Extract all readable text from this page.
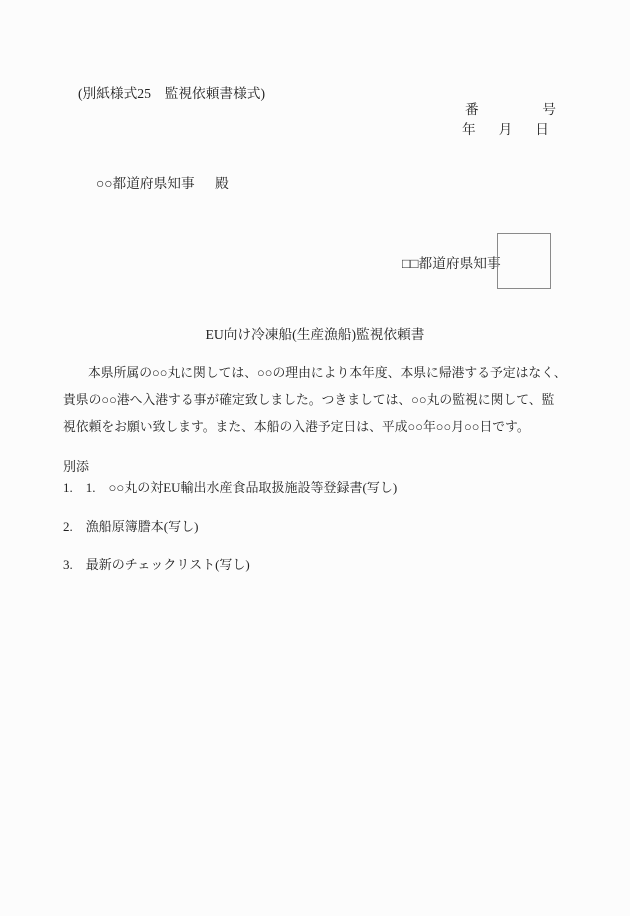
(別紙様式25　監視依頼書様式)
番	号
年 月 日
○○都道府県知事 殿
□□都道府県知事
EU向け冷凍船(生産漁船)監視依頼書
本県所属の○○丸に関しては、○○の理由により本年度、本県に帰港する予定はなく、
貴県の○○港へ入港する事が確定致しました。つきましては、○○丸の監視に関して、監
視依頼をお願い致します。また、本船の入港予定日は、平成○○年○○月○○日です。
別添
1.　1.　○○丸の対EU輸出水産食品取扱施設等登録書(写し)
2.　漁船原簿謄本(写し)
3.　最新のチェックリスト(写し)
